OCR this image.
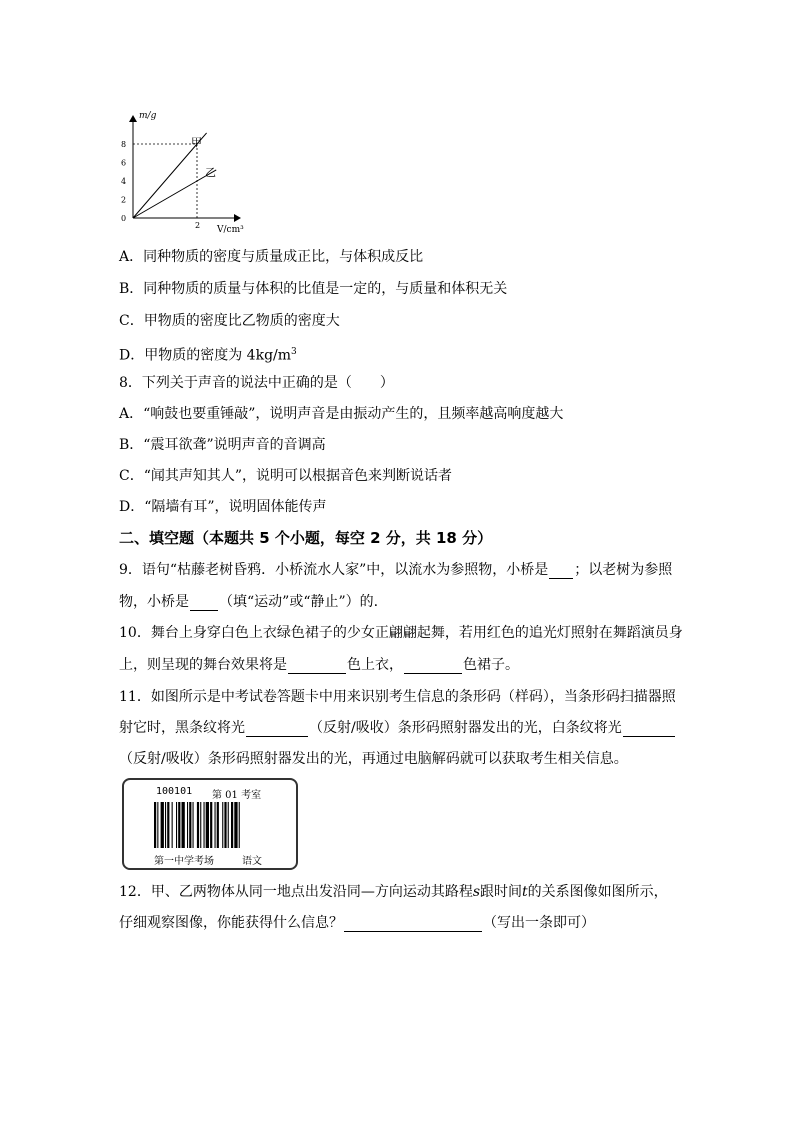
m/g
V/cm³
0
2
4
6
8
2
甲
乙
A．同种物质的密度与质量成正比，与体积成反比
B．同种物质的质量与体积的比值是一定的，与质量和体积无关
C．甲物质的密度比乙物质的密度大
D．甲物质的密度为 $4kg/m^3$
8．下列关于声音的说法中正确的是（　　）
A．“响鼓也要重锤敲”，说明声音是由振动产生的，且频率越高响度越大
B．“震耳欲聋”说明声音的音调高
C．“闻其声知其人”，说明可以根据音色来判断说话者
D．“隔墙有耳”，说明固体能传声
二、填空题（本题共 5 个小题，每空 2 分，共 18 分）
9．语句“枯藤老树昏鸦．小桥流水人家”中，以流水为参照物，小桥是 ；以老树为参照
物，小桥是 （填“运动”或“静止”）的.
10．舞台上身穿白色上衣绿色裙子的少女正翩翩起舞，若用红色的追光灯照射在舞蹈演员身
上，则呈现的舞台效果将是	色上衣，	色裙子。
11．如图所示是中考试卷答题卡中用来识别考生信息的条形码（样码），当条形码扫描器照
射它时，黑条纹将光	（反射/吸收）条形码照射器发出的光，白条纹将光
（反射/吸收）条形码照射器发出的光，再通过电脑解码就可以获取考生相关信息。
100101 第 01 考室
第一中学考场	语文
12．甲、乙两物体从同一地点出发沿同—方向运动其路程s跟时间t的关系图像如图所示，
仔细观察图像，你能获得什么信息？	（写出一条即可）
